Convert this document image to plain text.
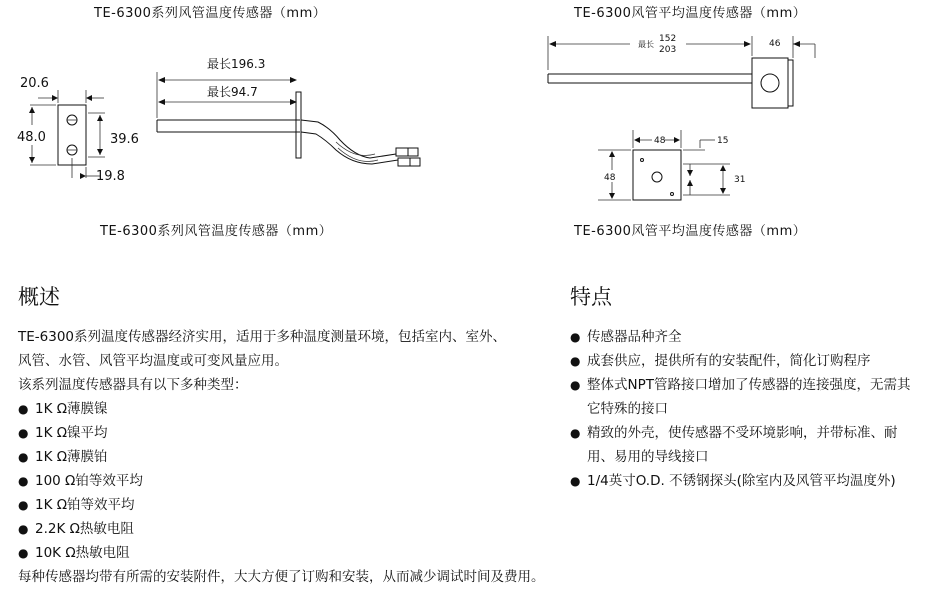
TE-6300系列风管温度传感器（mm）	TE-6300风管平均温度传感器（mm）
TE-6300系列风管温度传感器（mm）	TE-6300风管平均温度传感器（mm）
20.6
48.0	39.6
19.8
最长196.3
最长94.7
最长
152
203
46
48
48
15
31
概述

TE-6300系列温度传感器经济实用，适用于多种温度测量环境，包括室内、室外、

风管、水管、风管平均温度或可变风量应用。

该系列温度传感器具有以下多种类型：

● 1K Ω薄膜镍
● 1K Ω镍平均
● 1K Ω薄膜铂
● 100 Ω铂等效平均
● 1K Ω铂等效平均
● 2.2K Ω热敏电阻
● 10K Ω热敏电阻

每种传感器均带有所需的安装附件，大大方便了订购和安装，从而减少调试时间及费用。

特点
● 传感器品种齐全
● 成套供应，提供所有的安装配件，简化订购程序
● 整体式NPT管路接口增加了传感器的连接强度，无需其它特殊的接口
● 精致的外壳，使传感器不受环境影响，并带标准、耐用、易用的导线接口
● 1/4英寸O.D. 不锈钢探头(除室内及风管平均温度外)
